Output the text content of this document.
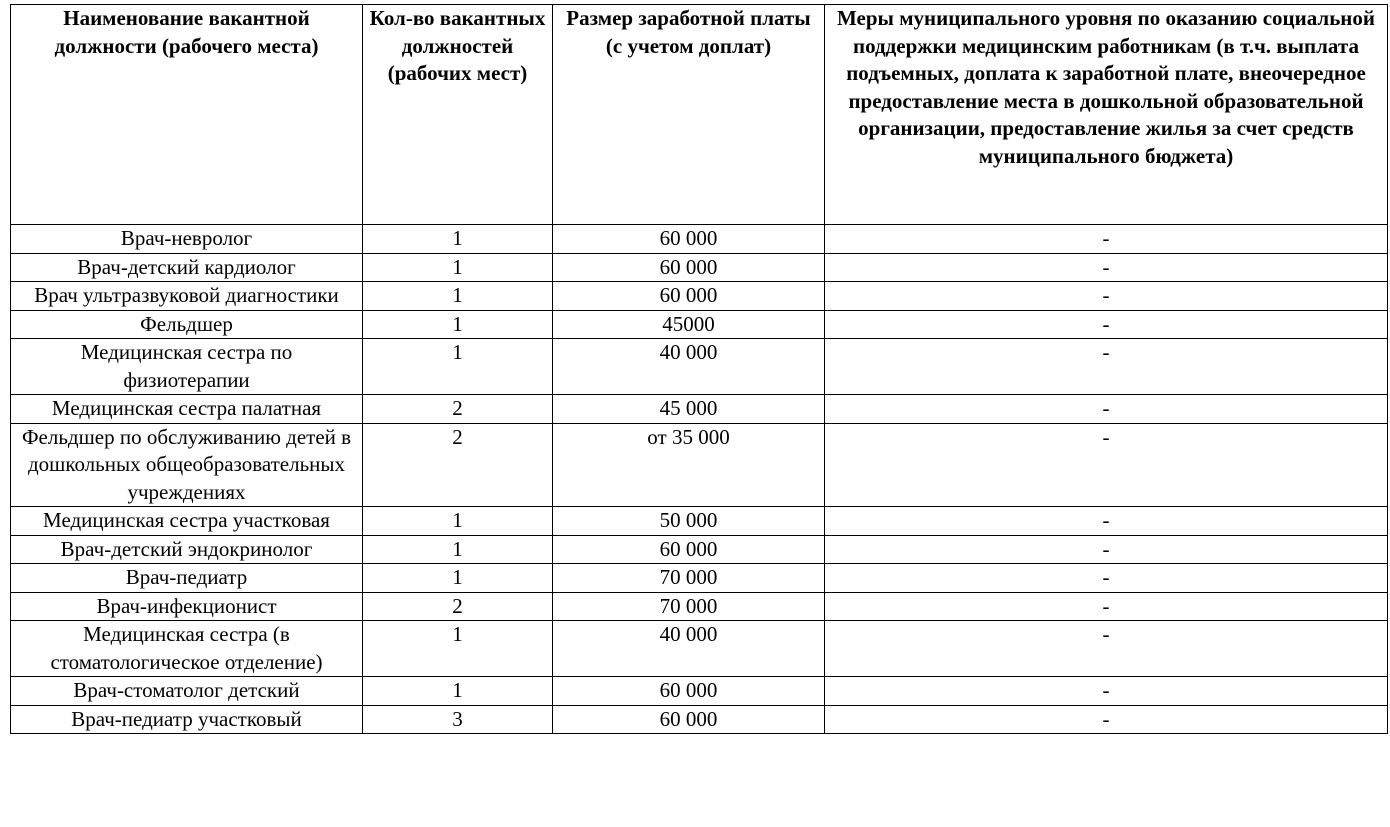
Наименование вакантной должности (рабочего места)	Кол-во вакантных должностей (рабочих мест)	Размер заработной платы (с учетом доплат)	Меры муниципального уровня по оказанию социальной поддержки медицинским работникам (в т.ч. выплата подъемных, доплата к заработной плате, внеочередное предоставление места в дошкольной образовательной организации, предоставление жилья за счет средств муниципального бюджета)
Врач-невролог	1	60 000	-
Врач-детский кардиолог	1	60 000	-
Врач ультразвуковой диагностики	1	60 000	-
Фельдшер	1	45000	-
Медицинская сестра по физиотерапии	1	40 000	-
Медицинская сестра палатная	2	45 000	-
Фельдшер по обслуживанию детей в дошкольных общеобразовательных учреждениях	2	от 35 000	-
Медицинская сестра участковая	1	50 000	-
Врач-детский эндокринолог	1	60 000	-
Врач-педиатр	1	70 000	-
Врач-инфекционист	2	70 000	-
Медицинская сестра (в стоматологическое отделение)	1	40 000	-
Врач-стоматолог детский	1	60 000	-
Врач-педиатр участковый	3	60 000	-
